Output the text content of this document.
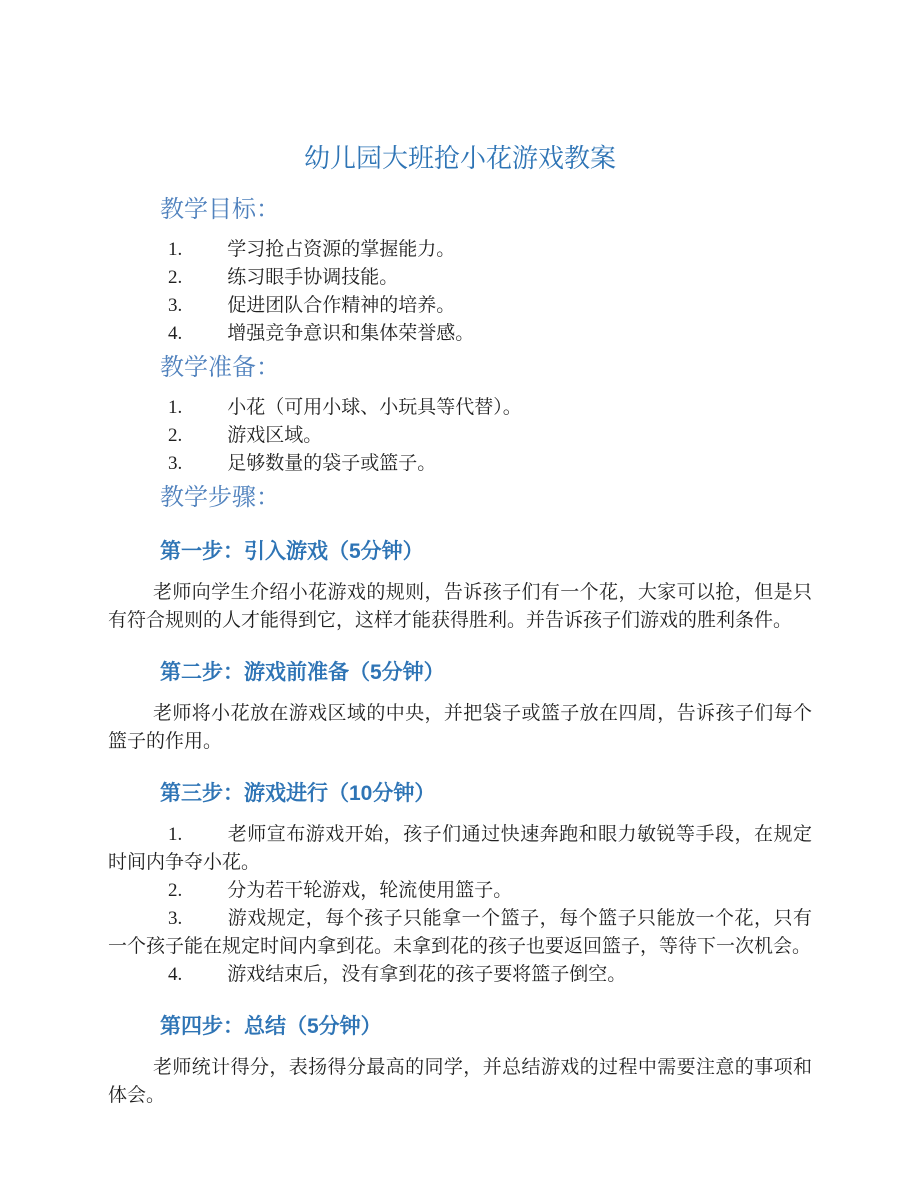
幼儿园大班抢小花游戏教案
教学目标：

1. 学习抢占资源的掌握能力。

2. 练习眼手协调技能。

3. 促进团队合作精神的培养。

4. 增强竞争意识和集体荣誉感。

教学准备：

1. 小花（可用小球、小玩具等代替）。

2. 游戏区域。

3. 足够数量的袋子或篮子。

教学步骤：
第一步：引入游戏（5分钟）

老师向学生介绍小花游戏的规则，告诉孩子们有一个花，大家可以抢，但是只有符合规则的人才能得到它，这样才能获得胜利。并告诉孩子们游戏的胜利条件。

第二步：游戏前准备（5分钟）

老师将小花放在游戏区域的中央，并把袋子或篮子放在四周，告诉孩子们每个篮子的作用。

第三步：游戏进行（10分钟）

1. 老师宣布游戏开始，孩子们通过快速奔跑和眼力敏锐等手段，在规定时间内争夺小花。

2. 分为若干轮游戏，轮流使用篮子。

3. 游戏规定，每个孩子只能拿一个篮子，每个篮子只能放一个花，只有一个孩子能在规定时间内拿到花。未拿到花的孩子也要返回篮子，等待下一次机会。

4. 游戏结束后，没有拿到花的孩子要将篮子倒空。

第四步：总结（5分钟）

老师统计得分，表扬得分最高的同学，并总结游戏的过程中需要注意的事项和体会。
